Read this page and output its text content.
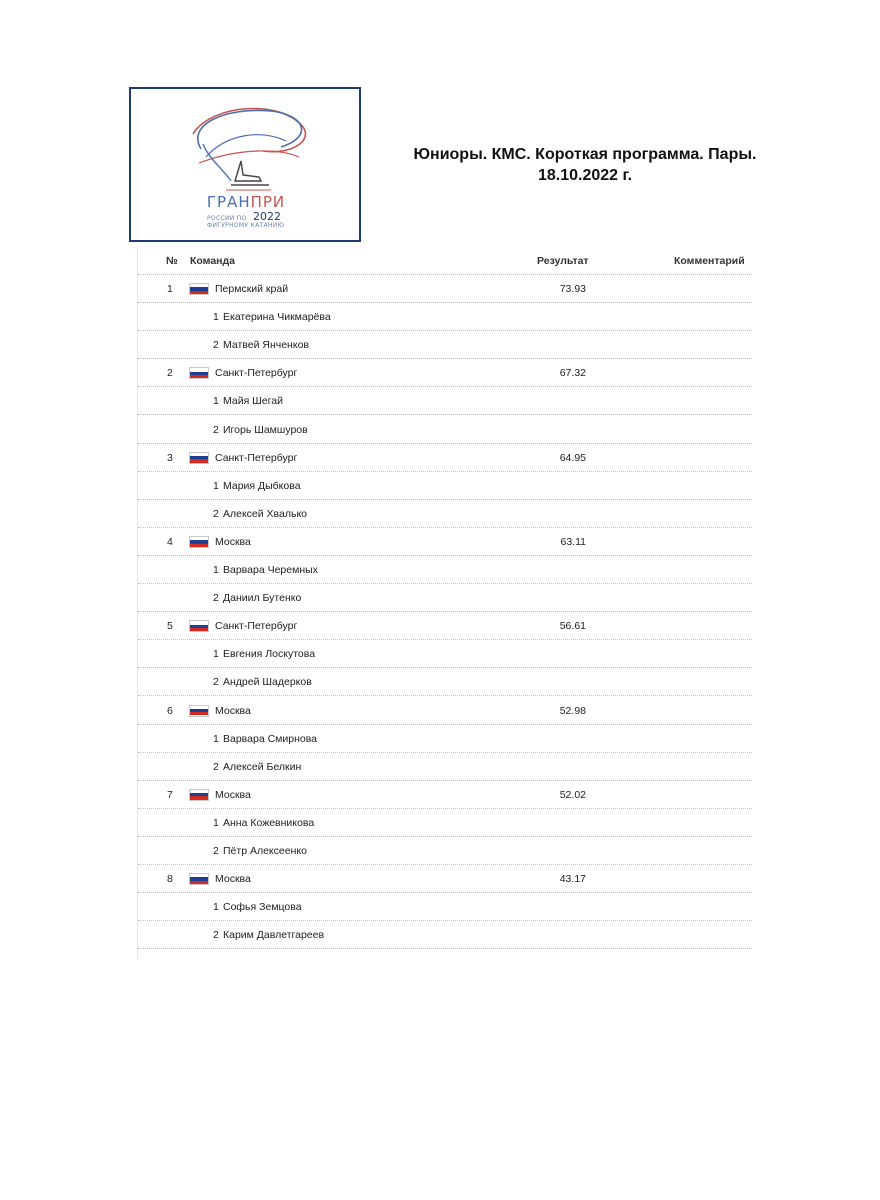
ГРАНПРИ
РОССИИ ПО
ФИГУРНОМУ КАТАНИЮ
2022
Юниоры. КМС. Короткая программа. Пары.
18.10.2022 г.
№ Команда	Результат	Комментарий
1	Пермский край	73.93
1 Екатерина Чикмарёва
2 Матвей Янченков
2	Санкт-Петербург	67.32
1 Майя Шегай
2 Игорь Шамшуров
3	Санкт-Петербург	64.95
1 Мария Дыбкова
2 Алексей Хвалько
4	Москва	63.11
1 Варвара Черемных
2 Даниил Бутенко
5	Санкт-Петербург	56.61
1 Евгения Лоскутова
2 Андрей Шадерков
6	Москва	52.98
1 Варвара Смирнова
2 Алексей Белкин
7	Москва	52.02
1 Анна Кожевникова
2 Пётр Алексеенко
8	Москва	43.17
1 Софья Земцова
2 Карим Давлетгареев
